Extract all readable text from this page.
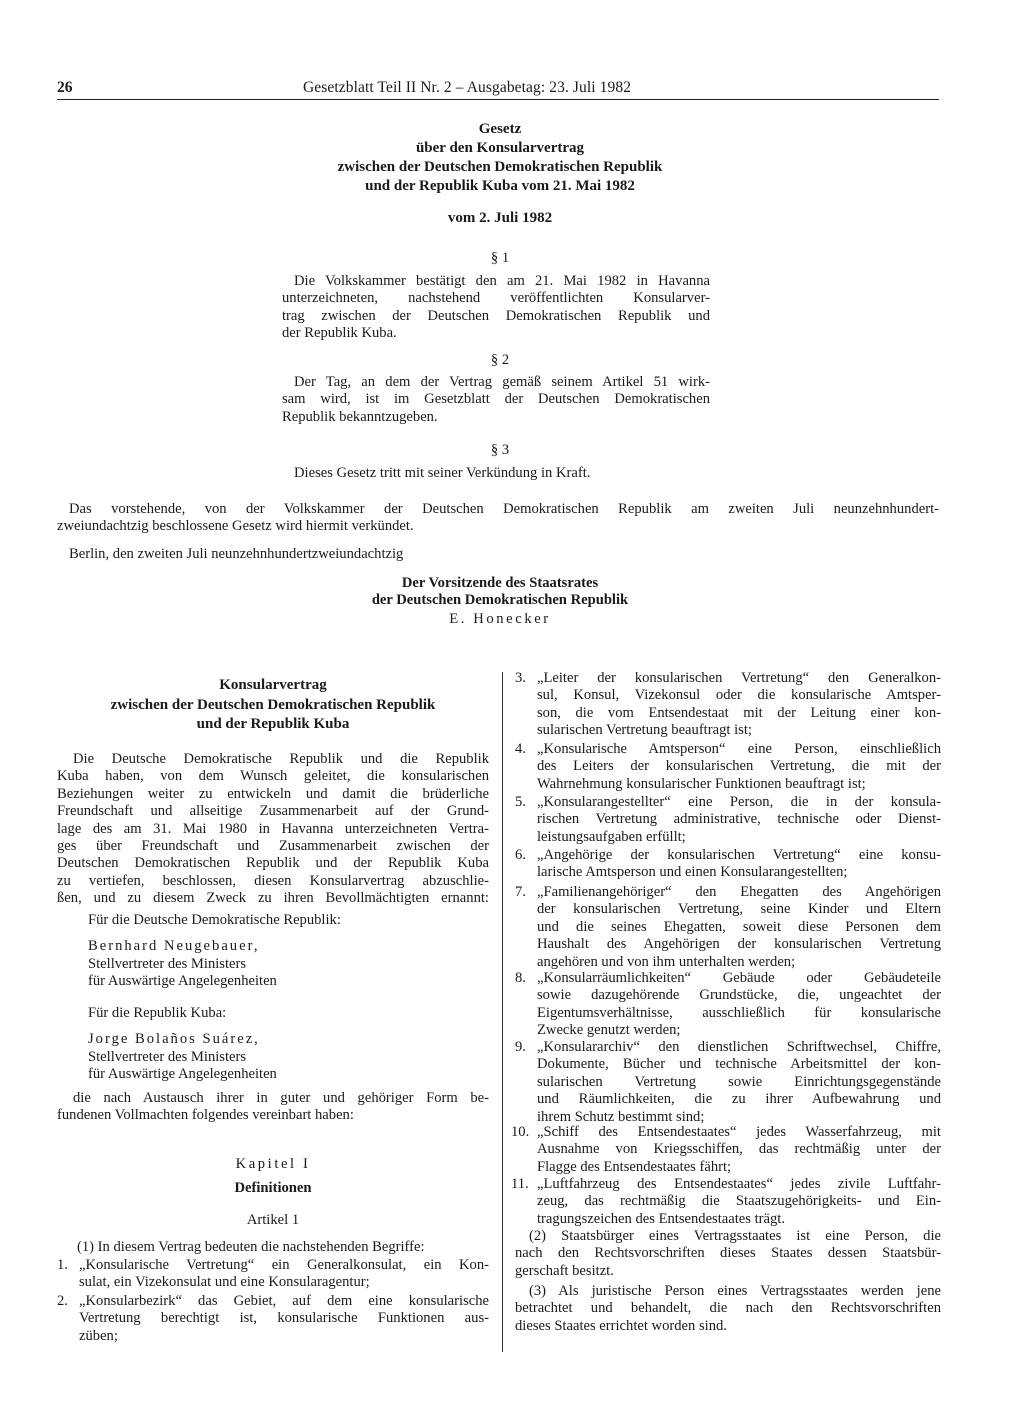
26	Gesetzblatt Teil II Nr. 2 – Ausgabetag: 23. Juli 1982
Gesetz
über den Konsularvertrag
zwischen der Deutschen Demokratischen Republik
und der Republik Kuba vom 21. Mai 1982
vom 2. Juli 1982
§ 1
Die Volkskammer bestätigt den am 21. Mai 1982 in Havanna
unterzeichneten, nachstehend veröffentlichten Konsularver-
trag zwischen der Deutschen Demokratischen Republik und
der Republik Kuba.
§ 2
Der Tag, an dem der Vertrag gemäß seinem Artikel 51 wirk-
sam wird, ist im Gesetzblatt der Deutschen Demokratischen
Republik bekanntzugeben.
§ 3
Dieses Gesetz tritt mit seiner Verkündung in Kraft.
Das vorstehende, von der Volkskammer der Deutschen Demokratischen Republik am zweiten Juli neunzehnhundert-
zweiundachtzig beschlossene Gesetz wird hiermit verkündet.
Berlin, den zweiten Juli neunzehnhundertzweiundachtzig
Der Vorsitzende des Staatsrates
der Deutschen Demokratischen Republik
E. Honecker
Konsularvertrag
zwischen der Deutschen Demokratischen Republik
und der Republik Kuba
Die Deutsche Demokratische Republik und die Republik
Kuba haben, von dem Wunsch geleitet, die konsularischen
Beziehungen weiter zu entwickeln und damit die brüderliche
Freundschaft und allseitige Zusammenarbeit auf der Grund-
lage des am 31. Mai 1980 in Havanna unterzeichneten Vertra-
ges über Freundschaft und Zusammenarbeit zwischen der
Deutschen Demokratischen Republik und der Republik Kuba
zu vertiefen, beschlossen, diesen Konsularvertrag abzuschlie-
ßen, und zu diesem Zweck zu ihren Bevollmächtigten ernannt:
Für die Deutsche Demokratische Republik:
Bernhard Neugebauer,
Stellvertreter des Ministers
für Auswärtige Angelegenheiten
Für die Republik Kuba:
Jorge Bolaños Suárez,
Stellvertreter des Ministers
für Auswärtige Angelegenheiten
die nach Austausch ihrer in guter und gehöriger Form be-
fundenen Vollmachten folgendes vereinbart haben:
Kapitel I
Definitionen
Artikel 1
(1) In diesem Vertrag bedeuten die nachstehenden Begriffe:
1. „Konsularische Vertretung“ ein Generalkonsulat, ein Kon-
sulat, ein Vizekonsulat und eine Konsularagentur;
2. „Konsularbezirk“ das Gebiet, auf dem eine konsularische
Vertretung berechtigt ist, konsularische Funktionen aus-
züben;
3. „Leiter der konsularischen Vertretung“ den Generalkon-
sul, Konsul, Vizekonsul oder die konsularische Amtsper-
son, die vom Entsendestaat mit der Leitung einer kon-
sularischen Vertretung beauftragt ist;
4. „Konsularische Amtsperson“ eine Person, einschließlich
des Leiters der konsularischen Vertretung, die mit der
Wahrnehmung konsularischer Funktionen beauftragt ist;
5. „Konsularangestellter“ eine Person, die in der konsula-
rischen Vertretung administrative, technische oder Dienst-
leistungsaufgaben erfüllt;
6. „Angehörige der konsularischen Vertretung“ eine konsu-
larische Amtsperson und einen Konsularangestellten;
7. „Familienangehöriger“ den Ehegatten des Angehörigen
der konsularischen Vertretung, seine Kinder und Eltern
und die seines Ehegatten, soweit diese Personen dem
Haushalt des Angehörigen der konsularischen Vertretung
angehören und von ihm unterhalten werden;
8. „Konsularräumlichkeiten“ Gebäude oder Gebäudeteile
sowie dazugehörende Grundstücke, die, ungeachtet der
Eigentumsverhältnisse, ausschließlich für konsularische
Zwecke genutzt werden;
9. „Konsulararchiv“ den dienstlichen Schriftwechsel, Chiffre,
Dokumente, Bücher und technische Arbeitsmittel der kon-
sularischen Vertretung sowie Einrichtungsgegenstände
und Räumlichkeiten, die zu ihrer Aufbewahrung und
ihrem Schutz bestimmt sind;
10. „Schiff des Entsendestaates“ jedes Wasserfahrzeug, mit
Ausnahme von Kriegsschiffen, das rechtmäßig unter der
Flagge des Entsendestaates fährt;
11. „Luftfahrzeug des Entsendestaates“ jedes zivile Luftfahr-
zeug, das rechtmäßig die Staatszugehörigkeits- und Ein-
tragungszeichen des Entsendestaates trägt.
(2) Staatsbürger eines Vertragsstaates ist eine Person, die
nach den Rechtsvorschriften dieses Staates dessen Staatsbür-
gerschaft besitzt.
(3) Als juristische Person eines Vertragsstaates werden jene
betrachtet und behandelt, die nach den Rechtsvorschriften
dieses Staates errichtet worden sind.
